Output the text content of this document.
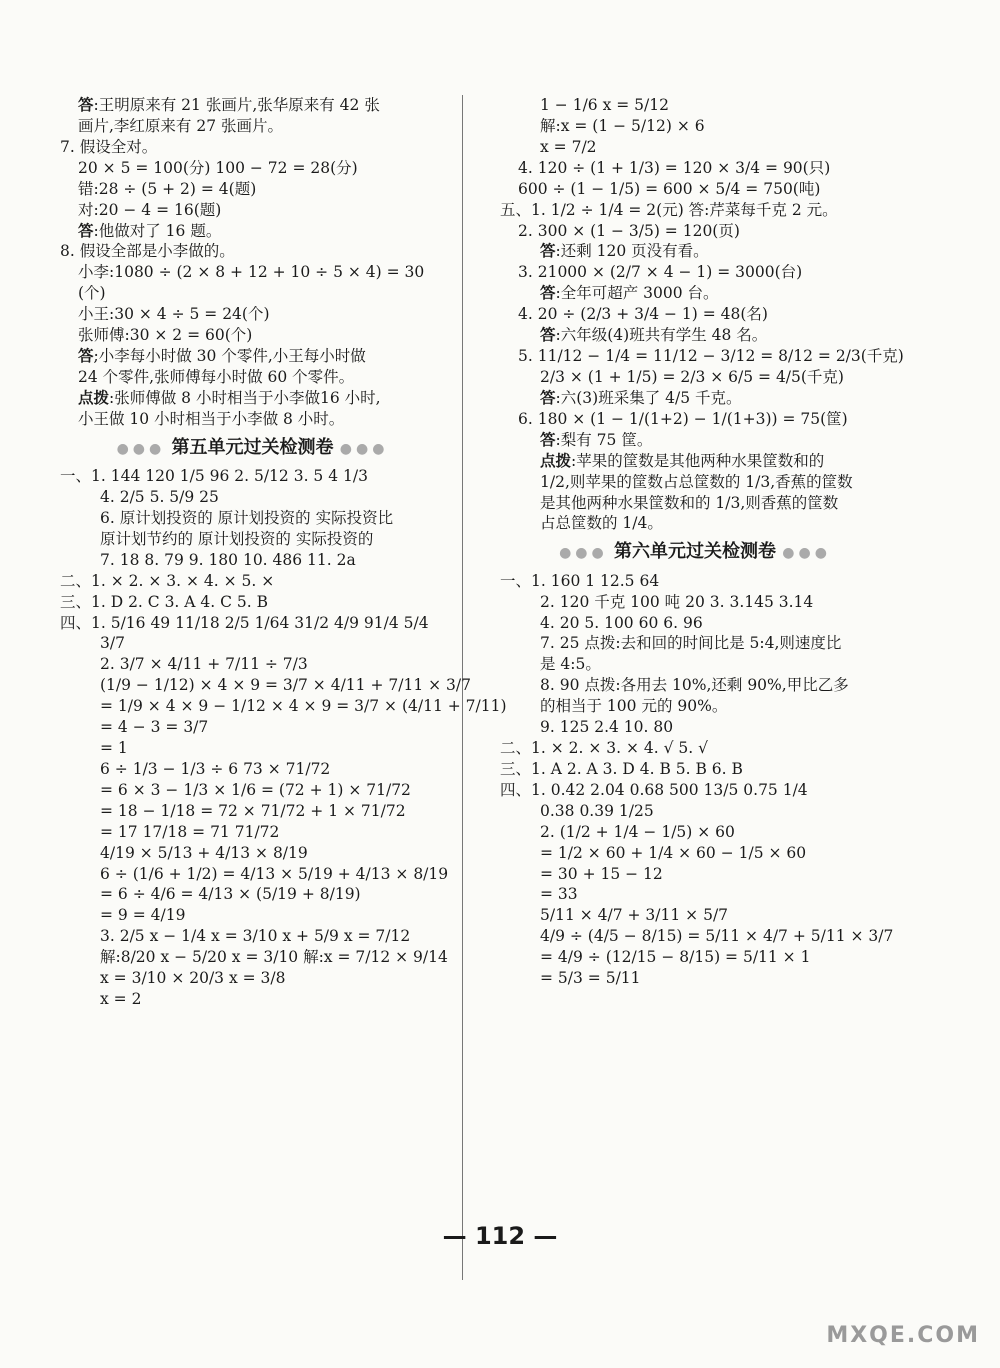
答:王明原来有 21 张画片,张华原来有 42 张
画片,李红原来有 27 张画片。
7. 假设全对。
20 × 5 = 100(分) 100 − 72 = 28(分)
错:28 ÷ (5 + 2) = 4(题)
对:20 − 4 = 16(题)
答:他做对了 16 题。
8. 假设全部是小李做的。
小李:1080 ÷ (2 × 8 + 12 + 10 ÷ 5 × 4) = 30
(个)
小王:30 × 4 ÷ 5 = 24(个)
张师傅:30 × 2 = 60(个)
答;小李每小时做 30 个零件,小王每小时做
24 个零件,张师傅每小时做 60 个零件。
点拨:张师傅做 8 小时相当于小李做16 小时,
小王做 10 小时相当于小李做 8 小时。
●●● 第五单元过关检测卷 ●●●
一、1. 144 120 1/5 96 2. 5/12 3. 5 4 1/3
4. 2/5 5. 5/9 25
6. 原计划投资的 原计划投资的 实际投资比
原计划节约的 原计划投资的 实际投资的
7. 18 8. 79 9. 180 10. 486 11. 2a
二、1. × 2. × 3. × 4. × 5. ×
三、1. D 2. C 3. A 4. C 5. B
四、1. 5/16 49 11/18 2/5 1/64 31/2 4/9 91/4 5/4
3/7
2. 3/7 × 4/11 + 7/11 ÷ 7/3
(1/9 − 1/12) × 4 × 9 = 3/7 × 4/11 + 7/11 × 3/7
= 1/9 × 4 × 9 − 1/12 × 4 × 9 = 3/7 × (4/11 + 7/11)
= 4 − 3 = 3/7
= 1
6 ÷ 1/3 − 1/3 ÷ 6 73 × 71/72
= 6 × 3 − 1/3 × 1/6 = (72 + 1) × 71/72
= 18 − 1/18 = 72 × 71/72 + 1 × 71/72
= 17 17/18 = 71 71/72
4/19 × 5/13 + 4/13 × 8/19
6 ÷ (1/6 + 1/2) = 4/13 × 5/19 + 4/13 × 8/19
= 6 ÷ 4/6 = 4/13 × (5/19 + 8/19)
= 9 = 4/19
3. 2/5 x − 1/4 x = 3/10 x + 5/9 x = 7/12
解:8/20 x − 5/20 x = 3/10 解:x = 7/12 × 9/14
x = 3/10 × 20/3 x = 3/8
x = 2
1 − 1/6 x = 5/12
解:x = (1 − 5/12) × 6
x = 7/2
4. 120 ÷ (1 + 1/3) = 120 × 3/4 = 90(只)
600 ÷ (1 − 1/5) = 600 × 5/4 = 750(吨)
五、1. 1/2 ÷ 1/4 = 2(元) 答:芹菜每千克 2 元。
2. 300 × (1 − 3/5) = 120(页)
答:还剩 120 页没有看。
3. 21000 × (2/7 × 4 − 1) = 3000(台)
答:全年可超产 3000 台。
4. 20 ÷ (2/3 + 3/4 − 1) = 48(名)
答:六年级(4)班共有学生 48 名。
5. 11/12 − 1/4 = 11/12 − 3/12 = 8/12 = 2/3(千克)
2/3 × (1 + 1/5) = 2/3 × 6/5 = 4/5(千克)
答:六(3)班采集了 4/5 千克。
6. 180 × (1 − 1/(1+2) − 1/(1+3)) = 75(筐)
答:梨有 75 筐。
点拨:苹果的筐数是其他两种水果筐数和的
1/2,则苹果的筐数占总筐数的 1/3,香蕉的筐数
是其他两种水果筐数和的 1/3,则香蕉的筐数
占总筐数的 1/4。
●●● 第六单元过关检测卷 ●●●
一、1. 160 1 12.5 64
2. 120 千克 100 吨 20 3. 3.145 3.14
4. 20 5. 100 60 6. 96
7. 25 点拨:去和回的时间比是 5:4,则速度比
是 4:5。
8. 90 点拨:各用去 10%,还剩 90%,甲比乙多
的相当于 100 元的 90%。
9. 125 2.4 10. 80
二、1. × 2. × 3. × 4. √ 5. √
三、1. A 2. A 3. D 4. B 5. B 6. B
四、1. 0.42 2.04 0.68 500 13/5 0.75 1/4
0.38 0.39 1/25
2. (1/2 + 1/4 − 1/5) × 60
= 1/2 × 60 + 1/4 × 60 − 1/5 × 60
= 30 + 15 − 12
= 33
5/11 × 4/7 + 3/11 × 5/7
4/9 ÷ (4/5 − 8/15) = 5/11 × 4/7 + 5/11 × 3/7
= 4/9 ÷ (12/15 − 8/15) = 5/11 × 1
= 5/3 = 5/11
— 112 —
MXQE.COM
